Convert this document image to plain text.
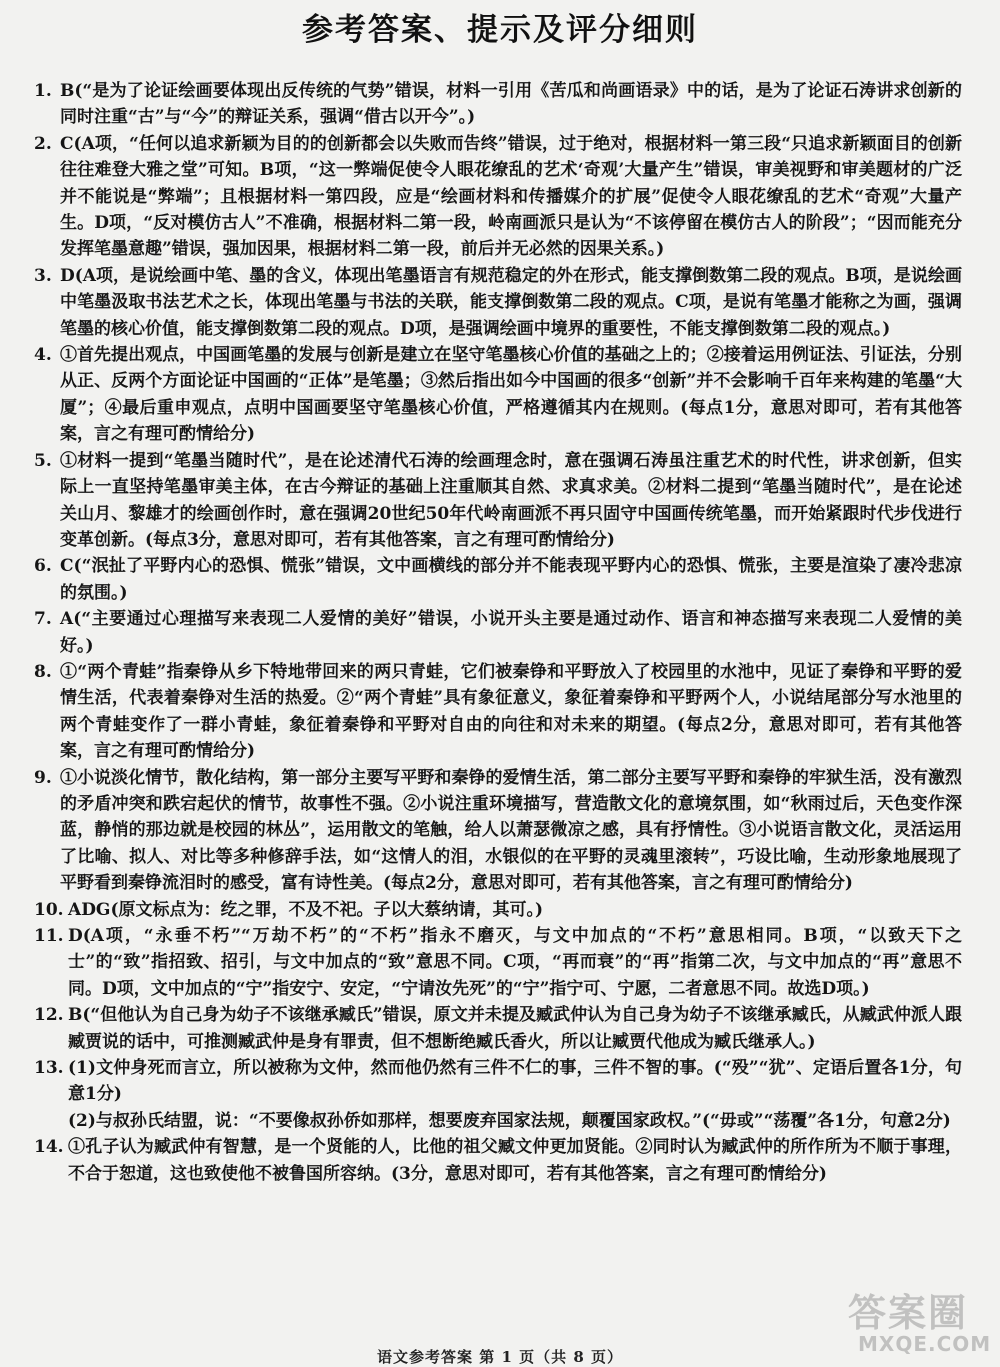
参考答案、提示及评分细则
1. B(“是为了论证绘画要体现出反传统的气势”错误，材料一引用《苦瓜和尚画语录》中的话，是为了论证石涛讲求创新的同时注重“古”与“今”的辩证关系，强调“借古以开今”。)
2. C(A项，“任何以追求新颖为目的的创新都会以失败而告终”错误，过于绝对，根据材料一第三段“只追求新颖面目的创新往往难登大雅之堂”可知。B项，“这一弊端促使令人眼花缭乱的艺术‘奇观’大量产生”错误，审美视野和审美题材的广泛并不能说是“弊端”；且根据材料一第四段，应是“绘画材料和传播媒介的扩展”促使令人眼花缭乱的艺术“奇观”大量产生。D项，“反对模仿古人”不准确，根据材料二第一段，岭南画派只是认为“不该停留在模仿古人的阶段”；“因而能充分发挥笔墨意趣”错误，强加因果，根据材料二第一段，前后并无必然的因果关系。)
3. D(A项，是说绘画中笔、墨的含义，体现出笔墨语言有规范稳定的外在形式，能支撑倒数第二段的观点。B项，是说绘画中笔墨汲取书法艺术之长，体现出笔墨与书法的关联，能支撑倒数第二段的观点。C项，是说有笔墨才能称之为画，强调笔墨的核心价值，能支撑倒数第二段的观点。D项，是强调绘画中境界的重要性，不能支撑倒数第二段的观点。)
4. ①首先提出观点，中国画笔墨的发展与创新是建立在坚守笔墨核心价值的基础之上的；②接着运用例证法、引证法，分别从正、反两个方面论证中国画的“正体”是笔墨；③然后指出如今中国画的很多“创新”并不会影响千百年来构建的笔墨“大厦”；④最后重申观点，点明中国画要坚守笔墨核心价值，严格遵循其内在规则。(每点1分，意思对即可，若有其他答案，言之有理可酌情给分)
5. ①材料一提到“笔墨当随时代”，是在论述清代石涛的绘画理念时，意在强调石涛虽注重艺术的时代性，讲求创新，但实际上一直坚持笔墨审美主体，在古今辩证的基础上注重顺其自然、求真求美。②材料二提到“笔墨当随时代”，是在论述关山月、黎雄才的绘画创作时，意在强调20世纪50年代岭南画派不再只固守中国画传统笔墨，而开始紧跟时代步伐进行变革创新。(每点3分，意思对即可，若有其他答案，言之有理可酌情给分)
6. C(“泯扯了平野内心的恐惧、慌张”错误，文中画横线的部分并不能表现平野内心的恐惧、慌张，主要是渲染了凄冷悲凉的氛围。)
7. A(“主要通过心理描写来表现二人爱情的美好”错误，小说开头主要是通过动作、语言和神态描写来表现二人爱情的美好。)
8. ①“两个青蛙”指秦铮从乡下特地带回来的两只青蛙，它们被秦铮和平野放入了校园里的水池中，见证了秦铮和平野的爱情生活，代表着秦铮对生活的热爱。②“两个青蛙”具有象征意义，象征着秦铮和平野两个人，小说结尾部分写水池里的两个青蛙变作了一群小青蛙，象征着秦铮和平野对自由的向往和对未来的期望。(每点2分，意思对即可，若有其他答案，言之有理可酌情给分)
9. ①小说淡化情节，散化结构，第一部分主要写平野和秦铮的爱情生活，第二部分主要写平野和秦铮的牢狱生活，没有激烈的矛盾冲突和跌宕起伏的情节，故事性不强。②小说注重环境描写，营造散文化的意境氛围，如“秋雨过后，天色变作深蓝，静悄的那边就是校园的林丛”，运用散文的笔触，给人以萧瑟微凉之感，具有抒情性。③小说语言散文化，灵活运用了比喻、拟人、对比等多种修辞手法，如“这情人的泪，水银似的在平野的灵魂里滚转”，巧设比喻，生动形象地展现了平野看到秦铮流泪时的感受，富有诗性美。(每点2分，意思对即可，若有其他答案，言之有理可酌情给分)
10. ADG(原文标点为：纥之罪，不及不祀。子以大蔡纳请，其可。)
11. D(A项，“永垂不朽”“万劫不朽”的“不朽”指永不磨灭，与文中加点的“不朽”意思相同。B项，“以致天下之士”的“致”指招致、招引，与文中加点的“致”意思不同。C项，“再而衰”的“再”指第二次，与文中加点的“再”意思不同。D项，文中加点的“宁”指安宁、安定，“宁请汝先死”的“宁”指宁可、宁愿，二者意思不同。故选D项。)
12. B(“但他认为自己身为幼子不该继承臧氏”错误，原文并未提及臧武仲认为自己身为幼子不该继承臧氏，从臧武仲派人跟臧贾说的话中，可推测臧武仲是身有罪责，但不想断绝臧氏香火，所以让臧贾代他成为臧氏继承人。)
13. (1)文仲身死而言立，所以被称为文仲，然而他仍然有三件不仁的事，三件不智的事。(“殁”“犹”、定语后置各1分，句意1分)
(2)与叔孙氏结盟，说：“不要像叔孙侨如那样，想要废弃国家法规，颠覆国家政权。”(“毋或”“荡覆”各1分，句意2分)
14. ①孔子认为臧武仲有智慧，是一个贤能的人，比他的祖父臧文仲更加贤能。②同时认为臧武仲的所作所为不顺于事理，不合于恕道，这也致使他不被鲁国所容纳。(3分，意思对即可，若有其他答案，言之有理可酌情给分)
答案圈
MXQE.COM
语文参考答案 第 1 页（共 8 页）
